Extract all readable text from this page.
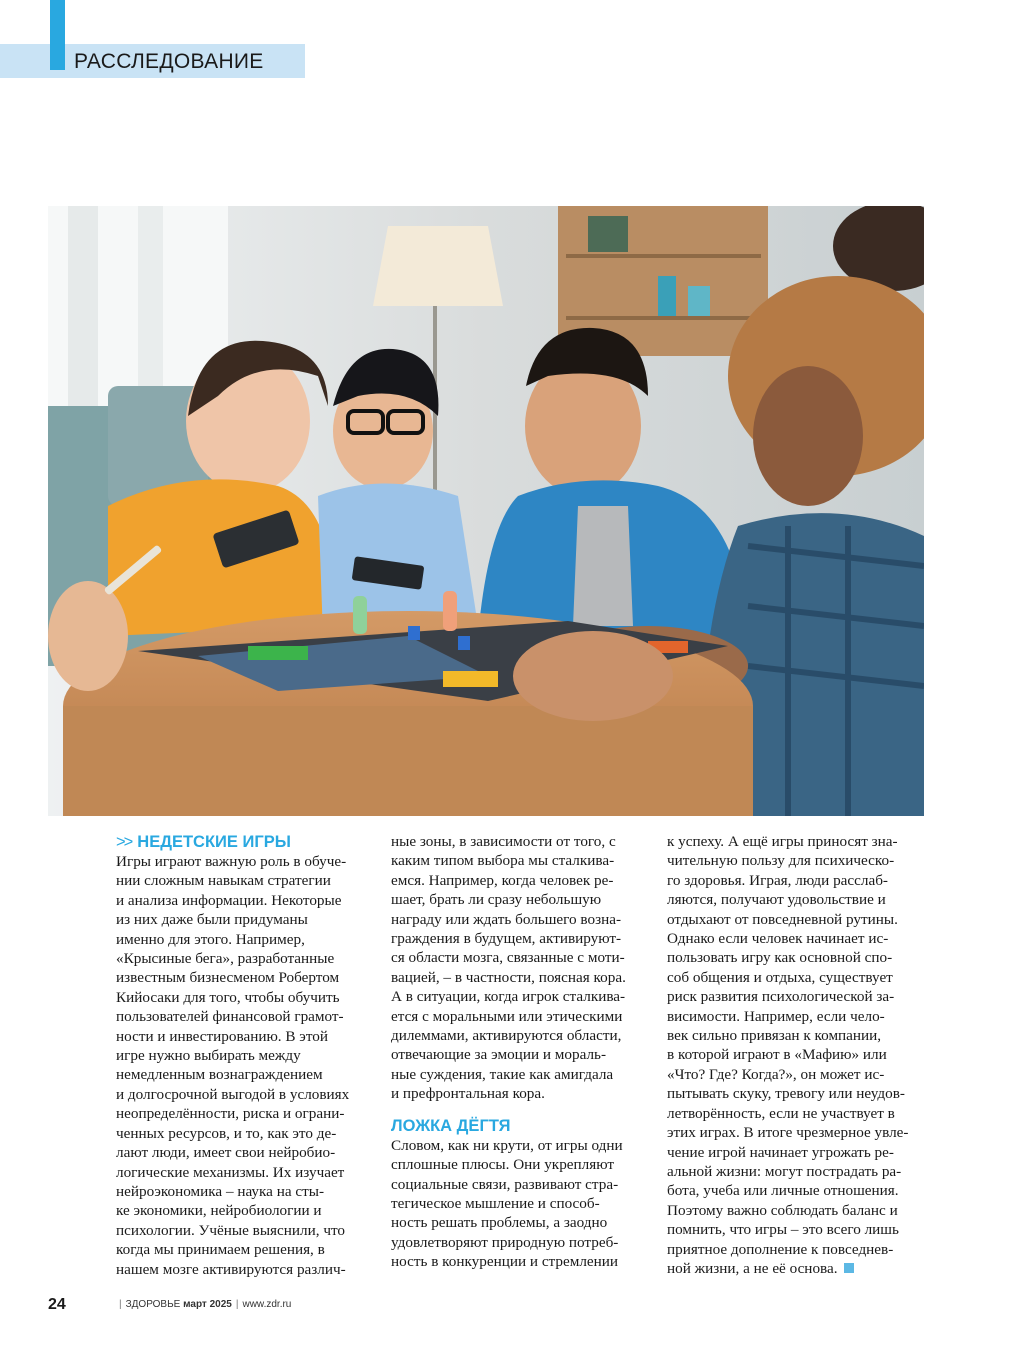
РАССЛЕДОВАНИЕ
>> НЕДЕТСКИЕ ИГРЫ

Игры играют важную роль в обуче-

нии сложным навыкам стратегии

и анализа информации. Некоторые

из них даже были придуманы

именно для этого. Например,

«Крысиные бега», разработанные

известным бизнесменом Робертом

Кийосаки для того, чтобы обучить

пользователей финансовой грамот-

ности и инвестированию. В этой

игре нужно выбирать между

немедленным вознаграждением

и долгосрочной выгодой в условиях

неопределённости, риска и ограни-

ченных ресурсов, и то, как это де-

лают люди, имеет свои нейробио-

логические механизмы. Их изучает

нейроэкономика – наука на сты-

ке экономики, нейробиологии и

психологии. Учёные выяснили, что

когда мы принимаем решения, в

нашем мозге активируются различ-

ные зоны, в зависимости от того, с

каким типом выбора мы сталкива-

емся. Например, когда человек ре-

шает, брать ли сразу небольшую

награду или ждать большего возна-

граждения в будущем, активируют-

ся области мозга, связанные с моти-

вацией, – в частности, поясная кора.

А в ситуации, когда игрок сталкива-

ется с моральными или этическими

дилеммами, активируются области,

отвечающие за эмоции и мораль-

ные суждения, такие как амигдала

и префронтальная кора.

ЛОЖКА ДЁГТЯ

Словом, как ни крути, от игры одни

сплошные плюсы. Они укрепляют

социальные связи, развивают стра-

тегическое мышление и способ-

ность решать проблемы, а заодно

удовлетворяют природную потреб-

ность в конкуренции и стремлении

к успеху. А ещё игры приносят зна-

чительную пользу для психическо-

го здоровья. Играя, люди расслаб-

ляются, получают удовольствие и

отдыхают от повседневной рутины.

Однако если человек начинает ис-

пользовать игру как основной спо-

соб общения и отдыха, существует

риск развития психологической за-

висимости. Например, если чело-

век сильно привязан к компании,

в которой играют в «Мафию» или

«Что? Где? Когда?», он может ис-

пытывать скуку, тревогу или неудов-

летворённость, если не участвует в

этих играх. В итоге чрезмерное увле-

чение игрой начинает угрожать ре-

альной жизни: могут пострадать ра-

бота, учеба или личные отношения.

Поэтому важно соблюдать баланс и

помнить, что игры – это всего лишь

приятное дополнение к повседнев-

ной жизни, а не её основа.

24	| ЗДОРОВЬЕ март 2025 | www.zdr.ru
